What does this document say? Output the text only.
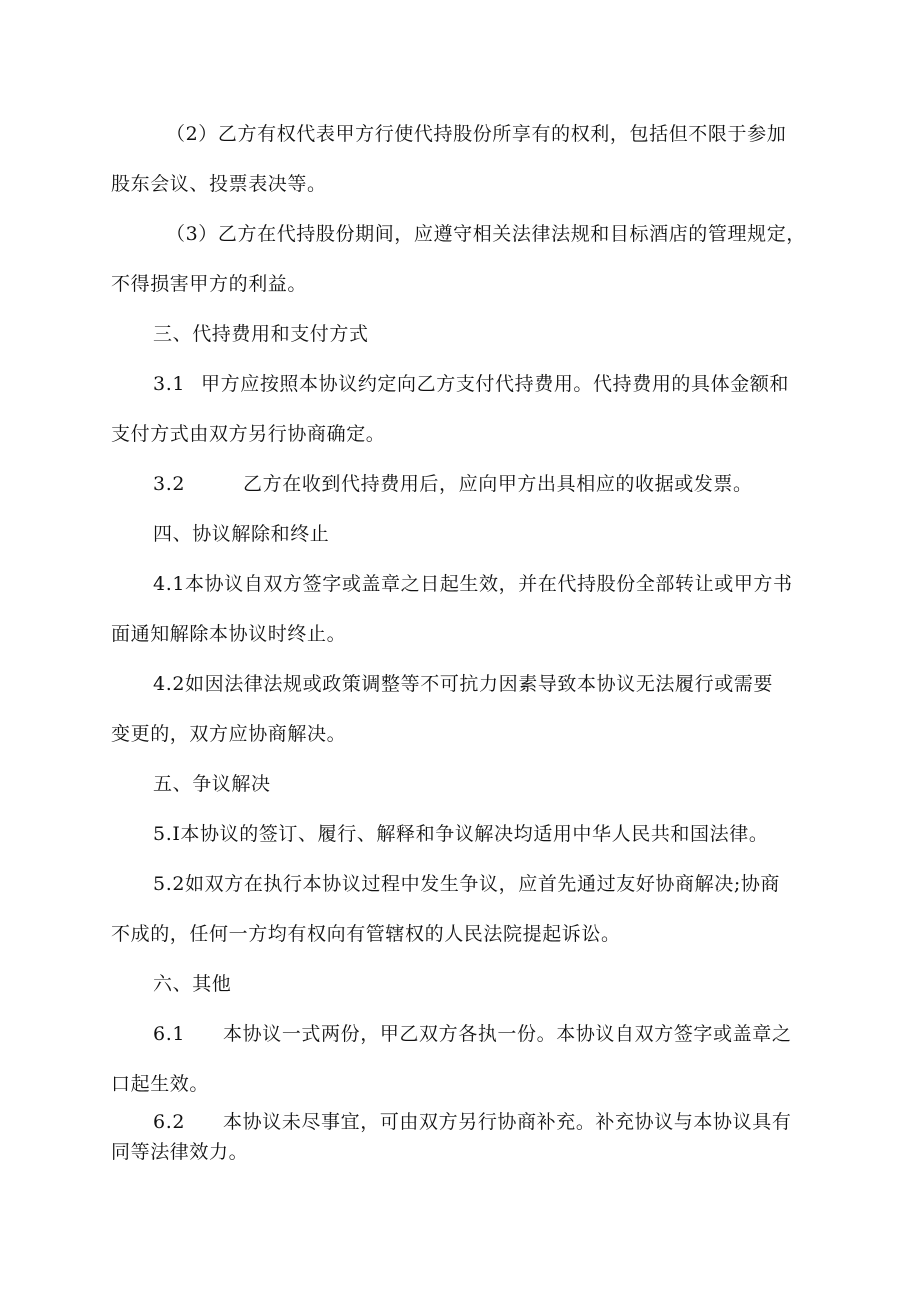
（2）乙方有权代表甲方行使代持股份所享有的权利，包括但不限于参加
股东会议、投票表决等。
（3）乙方在代持股份期间，应遵守相关法律法规和目标酒店的管理规定，
不得损害甲方的利益。
三、代持费用和支付方式
3.1 甲方应按照本协议约定向乙方支付代持费用。代持费用的具体金额和
支付方式由双方另行协商确定。
3.2	乙方在收到代持费用后，应向甲方出具相应的收据或发票。
四、协议解除和终止
4.1本协议自双方签字或盖章之日起生效，并在代持股份全部转让或甲方书
面通知解除本协议时终止。
4.2如因法律法规或政策调整等不可抗力因素导致本协议无法履行或需要
变更的，双方应协商解决。
五、争议解决
5.I本协议的签订、履行、解释和争议解决均适用中华人民共和国法律。
5.2如双方在执行本协议过程中发生争议，应首先通过友好协商解决;协商
不成的，任何一方均有权向有管辖权的人民法院提起诉讼。
六、其他
6.1 本协议一式两份，甲乙双方各执一份。本协议自双方签字或盖章之
口起生效。
6.2 本协议未尽事宜，可由双方另行协商补充。补充协议与本协议具有
同等法律效力。
